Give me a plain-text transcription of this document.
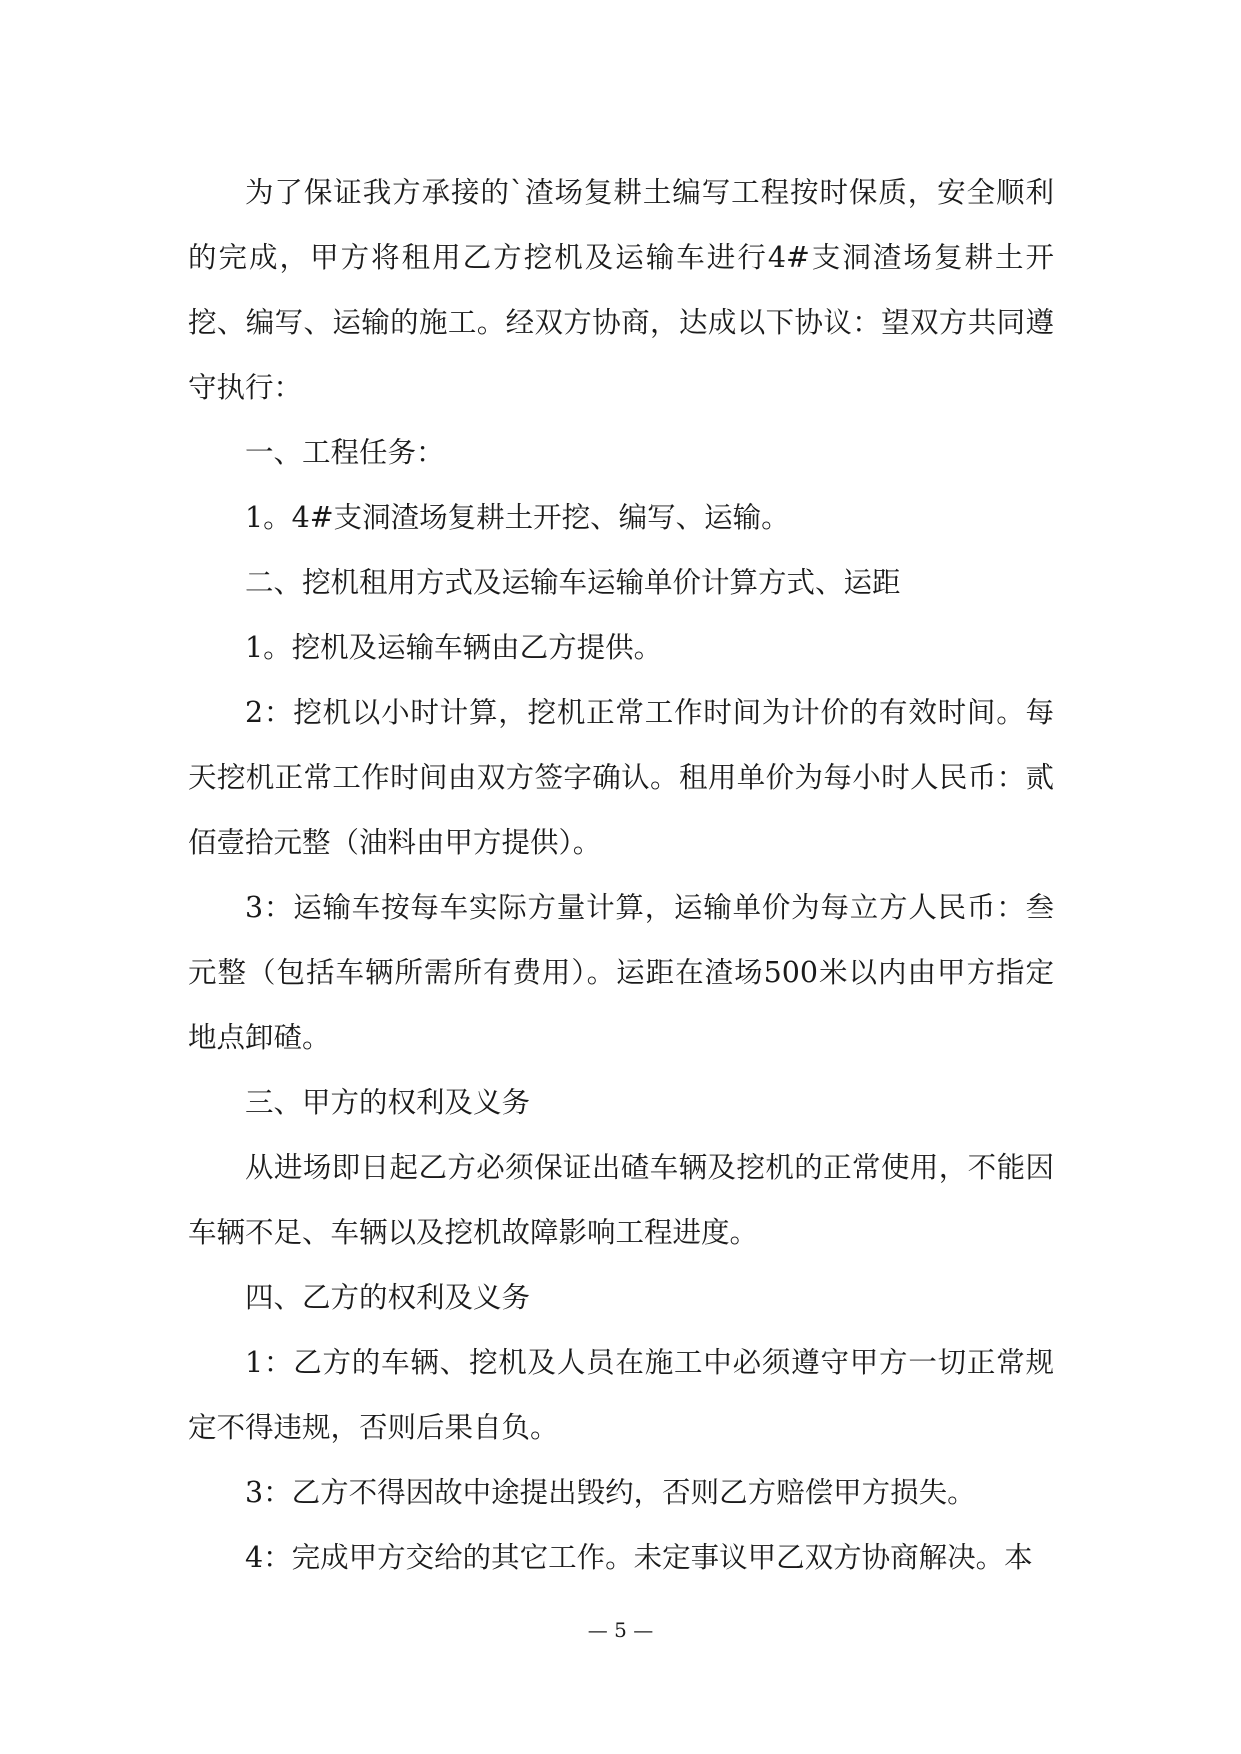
为了保证我方承接的`渣场复耕土编写工程按时保质，安全顺利的完成，甲方将租用乙方挖机及运输车进行4#支洞渣场复耕土开挖、编写、运输的施工。经双方协商，达成以下协议：望双方共同遵守执行：

一、工程任务：

1。4#支洞渣场复耕土开挖、编写、运输。

二、挖机租用方式及运输车运输单价计算方式、运距

1。挖机及运输车辆由乙方提供。

2：挖机以小时计算，挖机正常工作时间为计价的有效时间。每天挖机正常工作时间由双方签字确认。租用单价为每小时人民币：贰佰壹拾元整（油料由甲方提供）。

3：运输车按每车实际方量计算，运输单价为每立方人民币：叁元整（包括车辆所需所有费用）。运距在渣场500米以内由甲方指定地点卸碴。

三、甲方的权利及义务

从进场即日起乙方必须保证出碴车辆及挖机的正常使用，不能因车辆不足、车辆以及挖机故障影响工程进度。

四、乙方的权利及义务

1：乙方的车辆、挖机及人员在施工中必须遵守甲方一切正常规定不得违规，否则后果自负。

3：乙方不得因故中途提出毁约，否则乙方赔偿甲方损失。

4：完成甲方交给的其它工作。未定事议甲乙双方协商解决。本

— 5 —
